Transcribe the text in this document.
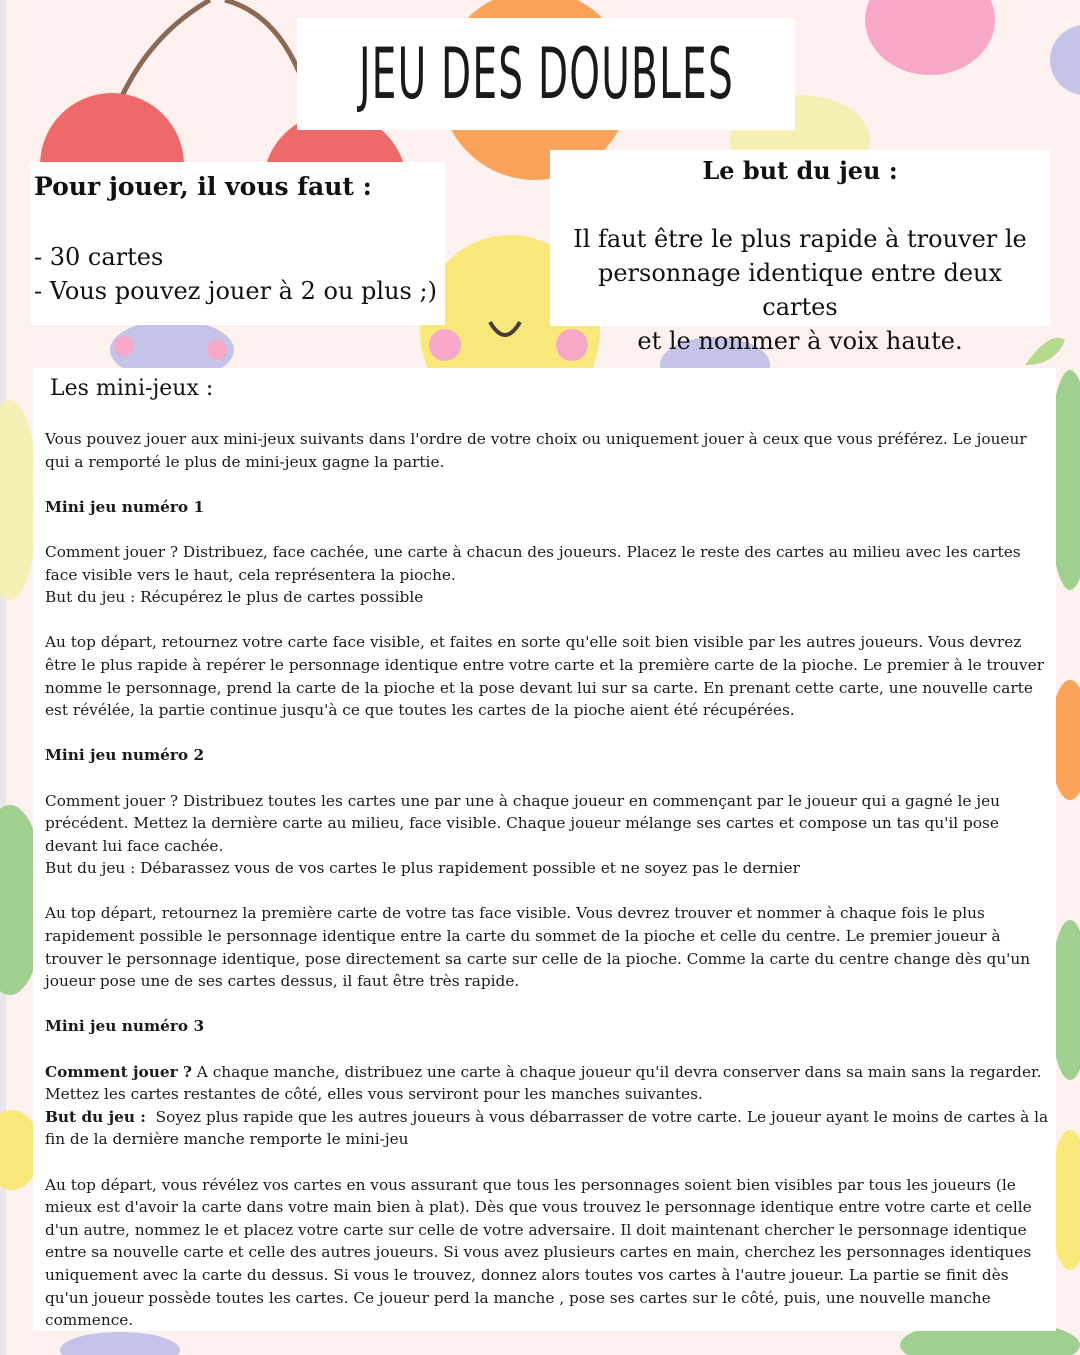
JEU DES DOUBLES
Pour jouer, il vous faut :
- 30 cartes
- Vous pouvez jouer à 2 ou plus ;)
Le but du jeu :
Il faut être le plus rapide à trouver le
personnage identique entre deux cartes
et le nommer à voix haute.
Les mini-jeux :

Vous pouvez jouer aux mini-jeux suivants dans l'ordre de votre choix ou uniquement jouer à ceux que vous préférez. Le joueur qui a remporté le plus de mini-jeux gagne la partie.

Mini jeu numéro 1

Comment jouer ? Distribuez, face cachée, une carte à chacun des joueurs. Placez le reste des cartes au milieu avec les cartes face visible vers le haut, cela représentera la pioche.

But du jeu : Récupérez le plus de cartes possible

Au top départ, retournez votre carte face visible, et faites en sorte qu'elle soit bien visible par les autres joueurs. Vous devrez être le plus rapide à repérer le personnage identique entre votre carte et la première carte de la pioche. Le premier à le trouver nomme le personnage, prend la carte de la pioche et la pose devant lui sur sa carte. En prenant cette carte, une nouvelle carte est révélée, la partie continue jusqu'à ce que toutes les cartes de la pioche aient été récupérées.

Mini jeu numéro 2

Comment jouer ? Distribuez toutes les cartes une par une à chaque joueur en commençant par le joueur qui a gagné le jeu précédent. Mettez la dernière carte au milieu, face visible. Chaque joueur mélange ses cartes et compose un tas qu'il pose devant lui face cachée.

But du jeu : Débarassez vous de vos cartes le plus rapidement possible et ne soyez pas le dernier

Au top départ, retournez la première carte de votre tas face visible. Vous devrez trouver et nommer à chaque fois le plus rapidement possible le personnage identique entre la carte du sommet de la pioche et celle du centre. Le premier joueur à trouver le personnage identique, pose directement sa carte sur celle de la pioche. Comme la carte du centre change dès qu'un joueur pose une de ses cartes dessus, il faut être très rapide.

Mini jeu numéro 3

Comment jouer ? A chaque manche, distribuez une carte à chaque joueur qu'il devra conserver dans sa main sans la regarder. Mettez les cartes restantes de côté, elles vous serviront pour les manches suivantes.

But du jeu :  Soyez plus rapide que les autres joueurs à vous débarrasser de votre carte. Le joueur ayant le moins de cartes à la fin de la dernière manche remporte le mini-jeu

Au top départ, vous révélez vos cartes en vous assurant que tous les personnages soient bien visibles par tous les joueurs (le mieux est d'avoir la carte dans votre main bien à plat). Dès que vous trouvez le personnage identique entre votre carte et celle d'un autre, nommez le et placez votre carte sur celle de votre adversaire. Il doit maintenant chercher le personnage identique entre sa nouvelle carte et celle des autres joueurs. Si vous avez plusieurs cartes en main, cherchez les personnages identiques uniquement avec la carte du dessus. Si vous le trouvez, donnez alors toutes vos cartes à l'autre joueur. La partie se finit dès qu'un joueur possède toutes les cartes. Ce joueur perd la manche , pose ses cartes sur le côté, puis, une nouvelle manche commence.
